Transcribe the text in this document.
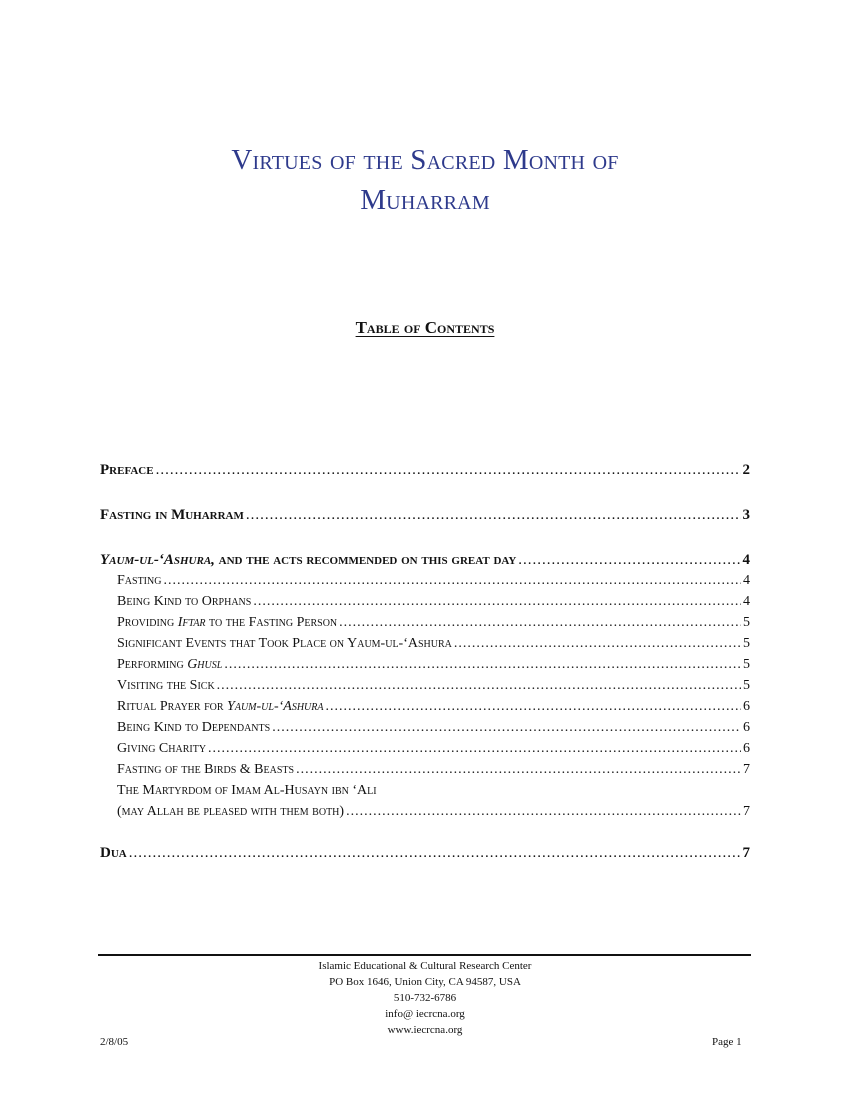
Virtues of the Sacred Month of
Muharram
Table of Contents
Preface .....	2
Fasting in Muharram .....	3
Yaum-ul-‘Ashura, and the acts recommended on this great day .....	4
Fasting .....	4
Being Kind to Orphans .....	4
Providing Iftar to the Fasting Person .....	5
Significant Events that Took Place on Yaum-ul-‘Ashura .....	5
Performing Ghusl .....	5
Visiting the Sick .....	5
Ritual Prayer for Yaum-ul-‘Ashura .....	6
Being Kind to Dependants .....	6
Giving Charity .....	6
Fasting of the Birds & Beasts .....	7
The Martyrdom of Imam Al-Husayn ibn ‘Ali
(may Allah be pleased with them both) .....	7
Dua .....	7
Islamic Educational & Cultural Research Center
PO Box 1646, Union City, CA 94587, USA
510-732-6786
info@ iecrcna.org
www.iecrcna.org
2/8/05	Page 1
